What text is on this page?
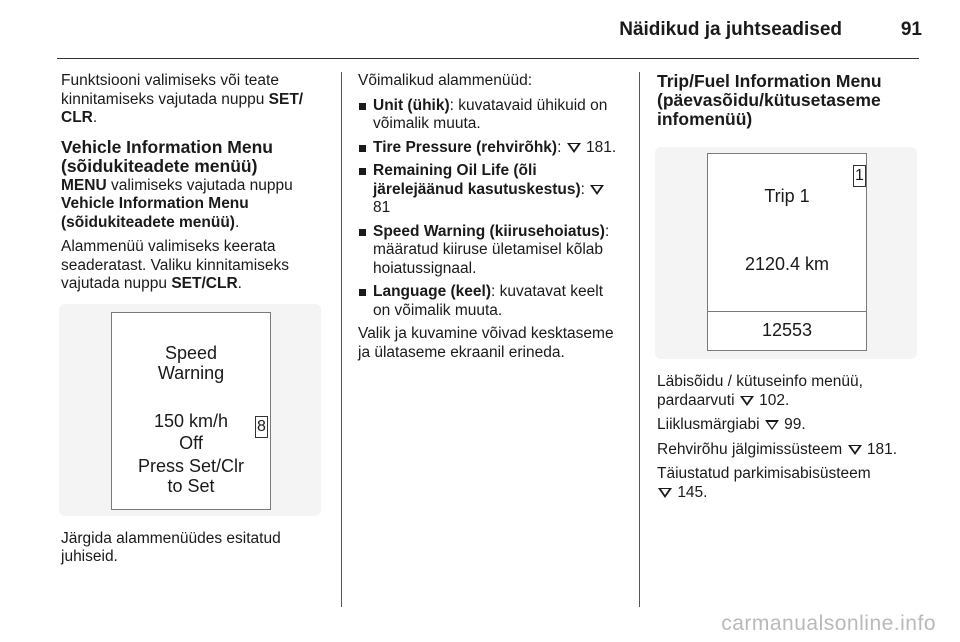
Näidikud ja juhtseadised	91

Funktsiooni valimiseks või teate kinnitamiseks vajutada nuppu SET/
CLR.

Vehicle Information Menu (sõidukiteadete menüü)

MENU valimiseks vajutada nuppu Vehicle Information Menu (sõidukiteadete menüü).

Alammenüü valimiseks keerata seaderatast. Valiku kinnitamiseks vajutada nuppu SET/CLR.

Speed
Warning
150 km/h
Off
Press Set/Clr
to Set
8

Järgida alammenüüdes esitatud juhiseid.

Võimalikud alammenüüd:

Unit (ühik): kuvatavaid ühikuid on võimalik muuta.
Tire Pressure (rehvirõhk):  181.
Remaining Oil Life (õli järelejäänud kasutuskestus):  81
Speed Warning (kiirusehoiatus): määratud kiiruse ületamisel kõlab hoiatussignaal.
Language (keel): kuvatavat keelt on võimalik muuta.

Valik ja kuvamine võivad kesktaseme ja ülataseme ekraanil erineda.

Trip/Fuel Information Menu (päevasõidu/kütusetaseme infomenüü)
Trip 1
2120.4 km
12553
1

Läbisõidu / kütuseinfo menüü, pardaarvuti  102.

Liiklusmärgiabi  99.

Rehvirõhu jälgimissüsteem  181.

Täiustatud parkimisabisüsteem
145.

carmanualsonline.info
